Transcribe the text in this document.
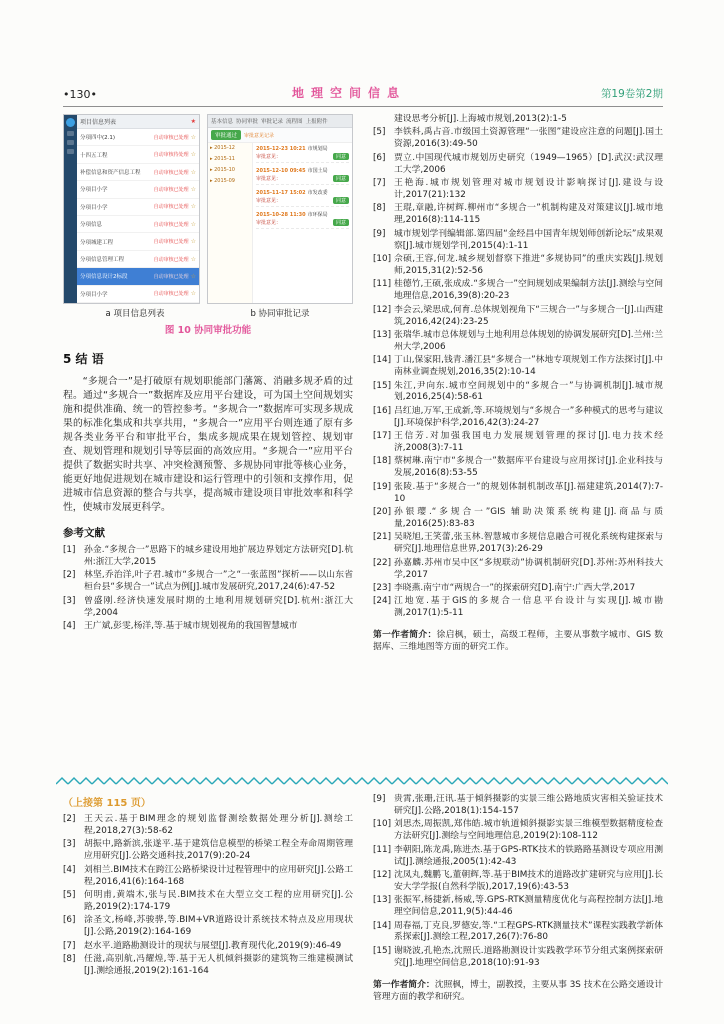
•130•	地理空间信息	第19卷第2期
项目信息列表	★
分项四中(2.1)	自动审核已处理 ☆
十四五工程	自动审核待处理 ☆
补偿信息和资产信息工程	自动审核已处理 ☆
分项目小学	自动审核已处理 ☆
分项目小学	自动审核已处理 ☆
分项信息	自动审核已处理 ☆
分项城建工程	自动审核已处理 ☆
分项信息管理工程	自动审核已处理 ☆
分项信息设计2标段	自动审核已处理 ☆
分项目小学	自动审核已处理 ☆
基本信息 协同审批 审批记录 流程图 上报附件
审批通过	审批意见记录
▸ 2015-12
▸ 2015-11
▸ 2015-10
▸ 2015-09
2015-12-23 10:21 市规划局
审批意见：	同意
2015-12-10 09:45 市国土局
审批意见：	同意
2015-11-17 15:02 市发改委
审批意见：	同意
2015-10-28 11:30 市环保局
审批意见：	同意
a 项目信息列表	b 协同审批记录
图 10 协同审批功能
5 结 语
“多规合一”是打破原有规划职能部门藩篱、消融多规矛盾的过程。通过“多规合一”数据库及应用平台建设，可为国土空间规划实施和提供准确、统一的管控参考。“多规合一”数据库可实现多规成果的标准化集成和共享共用，“多规合一”应用平台则连通了原有多规各类业务平台和审批平台，集成多规成果在规划管控、规划审查、规划管理和规划引导等层面的高效应用。“多规合一”应用平台提供了数据实时共享、冲突检测预警、多规协同审批等核心业务，能更好地促进规划在城市建设和运行管理中的引领和支撑作用，促进城市信息资源的整合与共享，提高城市建设项目审批效率和科学性，使城市发展更科学。
参考文献
[1] 孙金.“多规合一”思路下的城乡建设用地扩展边界划定方法研究[D].杭州:浙江大学,2015
[2] 林坚,乔治洋,叶子君.城市“多规合一”之“一张蓝图”探析——以山东省桓台县“多规合一”试点为例[J].城市发展研究,2017,24(6):47-52
[3] 曾盛刚.经济快速发展时期的土地利用规划研究[D].杭州:浙江大学,2004
[4] 王广斌,彭雯,杨洋,等.基于城市规划视角的我国智慧城市
建设思考分析[J].上海城市规划,2013(2):1-5
[5] 李铁科,禹占音.市级国土资源管理“一张图”建设应注意的问题[J].国土资源,2016(3):49-50
[6] 贾立.中国现代城市规划历史研究（1949—1965）[D].武汉:武汉理工大学,2006
[7] 王艳海.城市规划管理对城市规划设计影响探讨[J].建设与设计,2017(21):132
[8] 王琨,章融,许树辉.柳州市“多规合一”机制构建及对策建议[J].城市地理,2016(8):114-115
[9] 城市规划学刊编辑部.第四届“金经昌中国青年规划师创新论坛”成果观察[J].城市规划学刊,2015(4):1-11
[10] 佘硕,王容,何龙.城乡规划督察下推进“多规协同”的重庆实践[J].规划师,2015,31(2):52-56
[11] 桂德竹,王硕,张成成.“多规合一”空间规划成果编制方法[J].测绘与空间地理信息,2016,39(8):20-23
[12] 李会云,梁思成,何育.总体规划视角下“三规合一”与多规合一[J].山西建筑,2016,42(24):23-25
[13] 张瑞华.城市总体规划与土地利用总体规划的协调发展研究[D].兰州:兰州大学,2006
[14] 丁山,保家阳,钱青.潘江县“多规合一”林地专项规划工作方法探讨[J].中南林业调查规划,2016,35(2):10-14
[15] 朱江,尹向东.城市空间规划中的“多规合一”与协调机制[J].城市规划,2016,25(4):58-61
[16] 吕红迪,万军,王成新,等.环境规划与“多规合一”多种模式的思考与建议[J].环境保护科学,2016,42(3):24-27
[17] 王信芳.对加强我国电力发展规划管理的探讨[J].电力技术经济,2008(3):7-11
[18] 蔡树琳.南宁市“多规合一”数据库平台建设与应用探讨[J].企业科技与发展,2016(8):53-55
[19] 张陵.基于“多规合一”的规划体制机制改革[J].福建建筑,2014(7):7-10
[20] 孙银璎.“多规合一”GIS 辅助决策系统构建[J].商品与质量,2016(25):83-83
[21] 吴晓旭,王笑蕾,张玉林.智慧城市多规信息融合可视化系统构建探索与研究[J].地理信息世界,2017(3):26-29
[22] 孙嘉麟.苏州市吴中区“多规联动”协调机制研究[D].苏州:苏州科技大学,2017
[23] 李晓燕.南宁市“两规合一”的探索研究[D].南宁:广西大学,2017
[24] 江地宽.基于GIS的多规合一信息平台设计与实现[J].城市勘测,2017(1):5-11
第一作者简介：徐启枫，硕士，高级工程师，主要从事数字城市、GIS 数据库、三维地图等方面的研究工作。
（上接第 115 页）
[2] 王天云.基于BIM理念的规划监督测绘数据处理分析[J].测绘工程,2018,27(3):58-62
[3] 胡振中,路新滨,张遂平.基于建筑信息模型的桥梁工程全寿命周期管理应用研究[J].公路交通科技,2017(9):20-24
[4] 刘相兰.BIM技术在跨江公路桥梁设计过程管理中的应用研究[J].公路工程,2016,41(6):164-168
[5] 何明甫,黄端木,张与民.BIM技术在大型立交工程的应用研究[J].公路,2019(2):174-179
[6] 涂圣文,杨峰,苏骏骅,等.BIM+VR道路设计系统技术特点及应用现状[J].公路,2019(2):164-169
[7] 赵水平.道路勘测设计的现状与展望[J].教育现代化,2019(9):46-49
[8] 任滋,高别航,冯耀煌,等.基于无人机倾斜摄影的建筑物三维建模测试[J].测绘通报,2019(2):161-164
[9] 贵霄,张珊,汪讯.基于倾斜摄影的实景三维公路地质灾害相关验证技术研究[J].公路,2018(1):154-157
[10] 刘思杰,周振凯,郑伟皓.城市轨道倾斜摄影实景三维模型数据精度检查方法研究[J].测绘与空间地理信息,2019(2):108-112
[11] 李朝阳,陈龙禹,陈进杰.基于GPS-RTK技术的铁路路基测设专项应用测试[J].测绘通报,2005(1):42-43
[12] 沈凤丸,魏鹏飞,董朝辉,等.基于BIM技术的道路改扩建研究与应用[J].长安大学学报(自然科学版),2017,19(6):43-53
[13] 张振军,杨捷新,杨威,等.GPS-RTK测量精度优化与高程控制方法[J].地理空间信息,2011,9(5):44-46
[14] 周春福,丁克良,罗德安,等.“工程GPS-RTK测量技术”课程实践教学新体系探索[J].测绘工程,2017,26(7):76-80
[15] 谢晓波,孔艳杰,沈照氏.道路勘测设计实践教学环节分组式案例探索研究[J].地理空间信息,2018(10):91-93
第一作者简介：沈照枫，博士，副教授，主要从事 3S 技术在公路交通设计管理方面的教学和研究。
